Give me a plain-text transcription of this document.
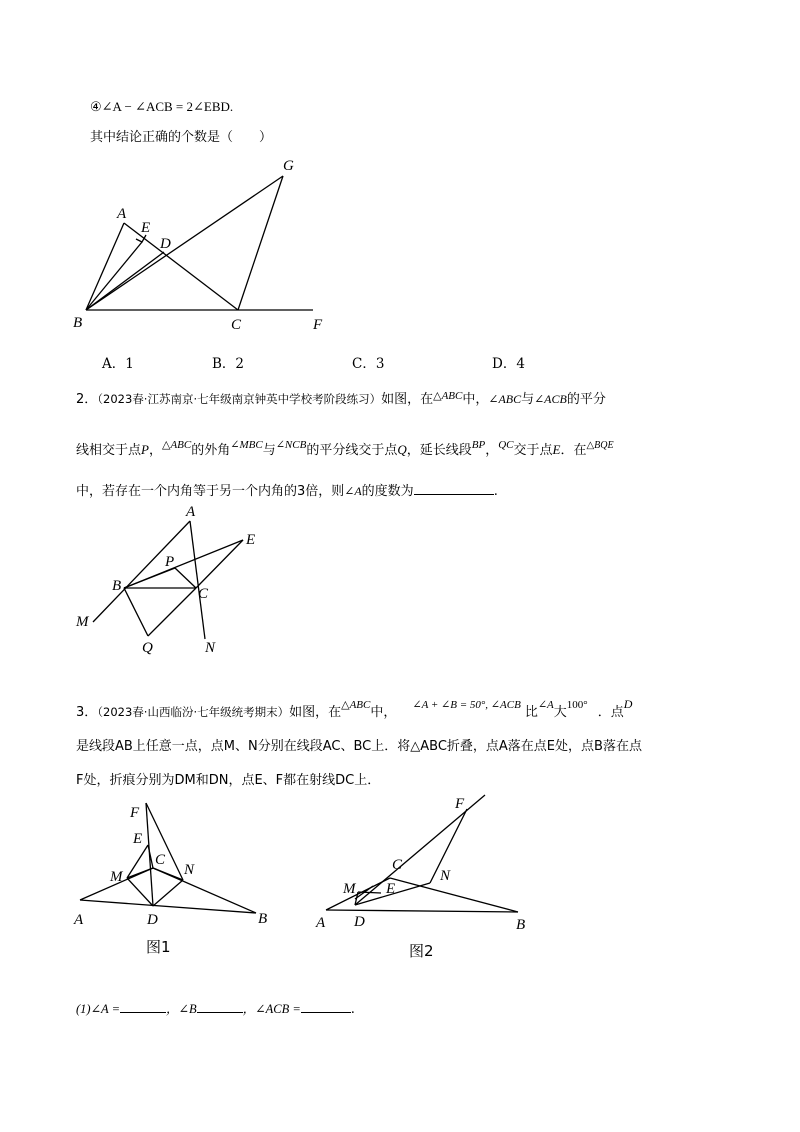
④∠A − ∠ACB = 2∠EBD.
其中结论正确的个数是（　　）
G
A
E
D
B	C	F
A．1	B．2	C．3	D．4
2．（2023春·江苏南京·七年级南京钟英中学校考阶段练习）如图，在$^{\triangle ABC}$中，∠ABC与∠ACB的平分
线相交于点P，$^{\triangle ABC}$的外角$^{\angle MBC}$与$^{\angle NCB}$的平分线交于点Q，延长线段$^{BP}$，$^{QC}$交于点E．在$^{\triangle BQE}$
中，若存在一个内角等于另一个内角的3倍，则∠A的度数为	.
A
E
P
B	C
M
Q	N
3．（2023春·山西临汾·七年级统考期末）如图，在$^{\triangle ABC}$中， $^{\angle A + \angle B = 50^\circ, \angle ACB}$ 比$^{\angle A}$大$^{100^\circ}$ ．点D
是线段AB上任意一点，点M、N分别在线段AC、BC上．将△ABC折叠，点A落在点E处，点B落在点
F处，折痕分别为DM和DN，点E、F都在射线DC上．
F
E
C
M	N
A	D	B
图1
F
C
N
M E
A D	B
图2
(1)∠A =	，∠B	，∠ACB =	.
